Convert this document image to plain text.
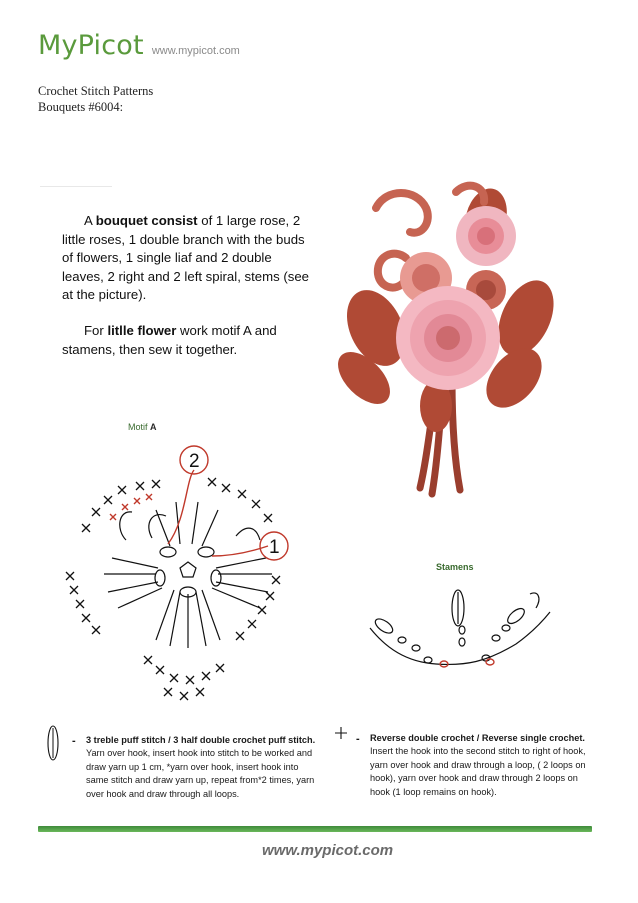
MyPicot www.mypicot.com
Crochet Stitch Patterns
Bouquets #6004:

A bouquet consist of 1 large rose, 2 little roses, 1 double branch with the buds of flowers, 1 single liaf and 2 double leaves, 2 right and 2 left spiral, stems (see at the picture).

For litlle flower work motif A and stamens, then sew it together.

Motif A
2
1
Stamens
- 3 treble puff stitch / 3 half double crochet puff stitch. Yarn over hook, insert hook into stitch to be worked and draw yarn up 1 cm, *yarn over hook, insert hook into same stitch and draw yarn up, repeat from*2 times, yarn over hook and draw through all loops.
- Reverse double crochet / Reverse single crochet. Insert the hook into the second stitch to right of hook, yarn over hook and draw through a loop, ( 2 loops on hook), yarn over hook and draw through 2 loops on hook (1 loop remains on hook).
www.mypicot.com
